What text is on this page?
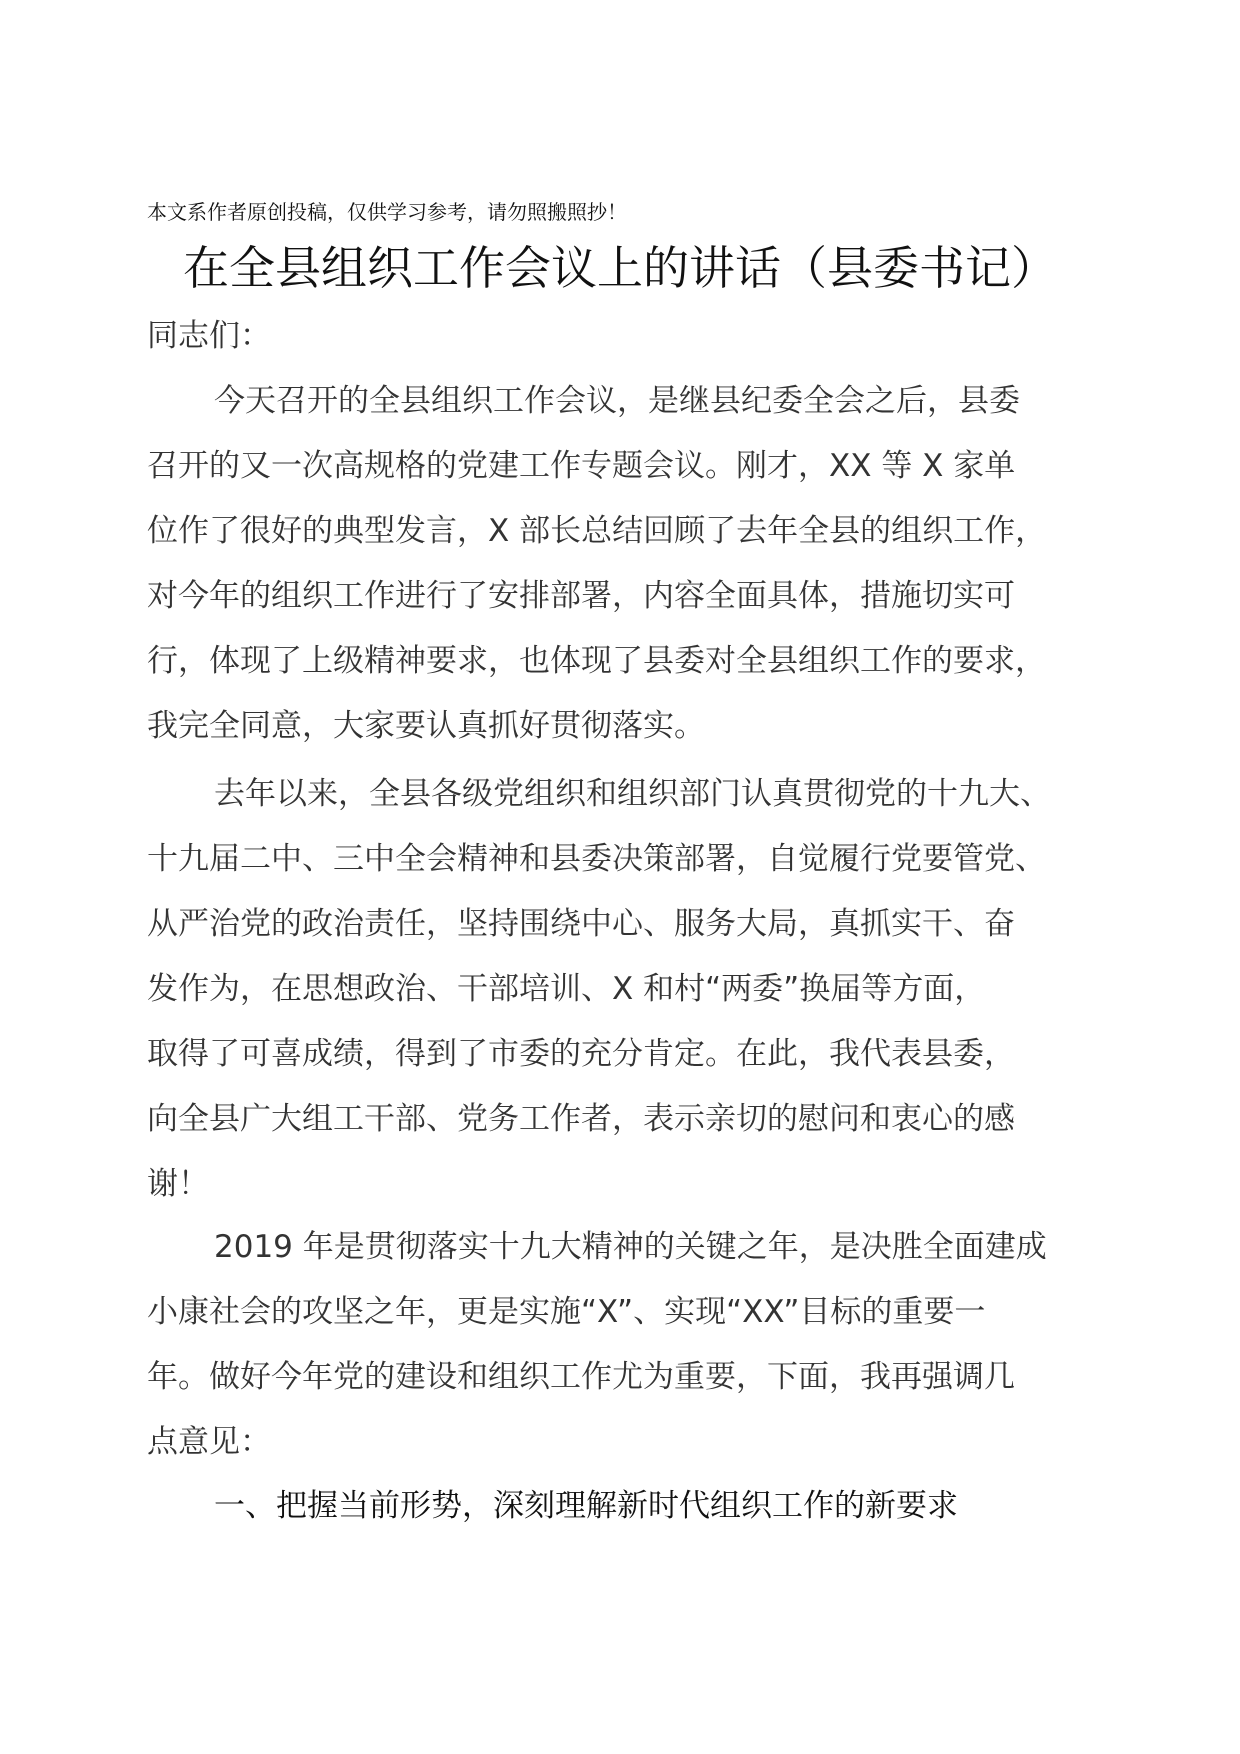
本文系作者原创投稿，仅供学习参考，请勿照搬照抄！
在全县组织工作会议上的讲话（县委书记）
同志们：
今天召开的全县组织工作会议，是继县纪委全会之后，县委
召开的又一次高规格的党建工作专题会议。刚才，XX 等 X 家单
位作了很好的典型发言，X 部长总结回顾了去年全县的组织工作，
对今年的组织工作进行了安排部署，内容全面具体，措施切实可
行，体现了上级精神要求，也体现了县委对全县组织工作的要求，
我完全同意，大家要认真抓好贯彻落实。
去年以来，全县各级党组织和组织部门认真贯彻党的十九大、
十九届二中、三中全会精神和县委决策部署，自觉履行党要管党、
从严治党的政治责任，坚持围绕中心、服务大局，真抓实干、奋
发作为，在思想政治、干部培训、X 和村“两委”换届等方面，
取得了可喜成绩，得到了市委的充分肯定。在此，我代表县委，
向全县广大组工干部、党务工作者，表示亲切的慰问和衷心的感
谢！
2019 年是贯彻落实十九大精神的关键之年，是决胜全面建成
小康社会的攻坚之年，更是实施“X”、实现“XX”目标的重要一
年。做好今年党的建设和组织工作尤为重要，下面，我再强调几
点意见：
一、把握当前形势，深刻理解新时代组织工作的新要求
